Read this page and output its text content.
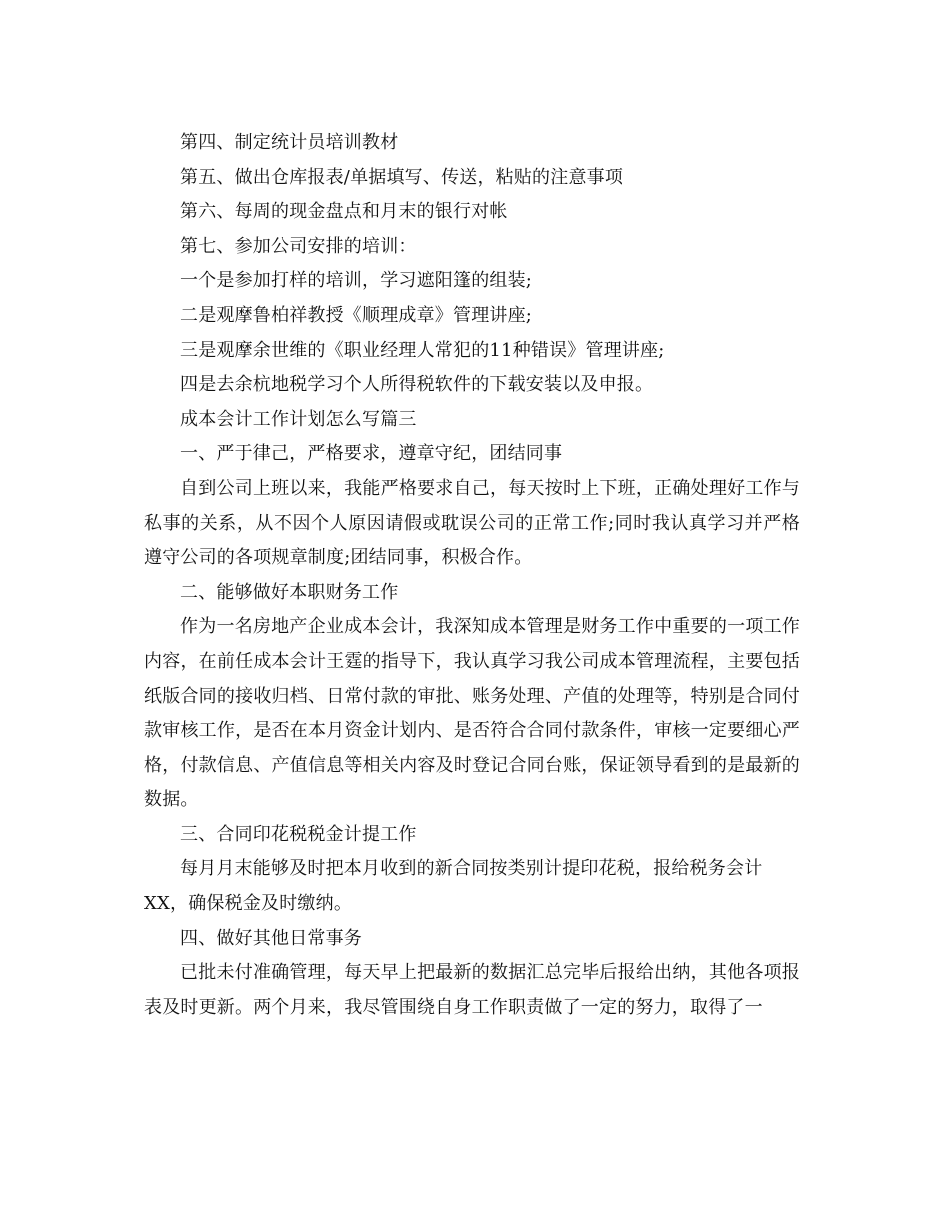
第四、制定统计员培训教材
第五、做出仓库报表/单据填写、传送，粘贴的注意事项
第六、每周的现金盘点和月末的银行对帐
第七、参加公司安排的培训：
一个是参加打样的培训，学习遮阳篷的组装;
二是观摩鲁柏祥教授《顺理成章》管理讲座;
三是观摩余世维的《职业经理人常犯的11种错误》管理讲座;
四是去余杭地税学习个人所得税软件的下载安装以及申报。
成本会计工作计划怎么写篇三
一、严于律己，严格要求，遵章守纪，团结同事
自到公司上班以来，我能严格要求自己，每天按时上下班，正确处理好工作与私事的关系，从不因个人原因请假或耽误公司的正常工作;同时我认真学习并严格遵守公司的各项规章制度;团结同事，积极合作。
二、能够做好本职财务工作
作为一名房地产企业成本会计，我深知成本管理是财务工作中重要的一项工作内容，在前任成本会计王霆的指导下，我认真学习我公司成本管理流程，主要包括纸版合同的接收归档、日常付款的审批、账务处理、产值的处理等，特别是合同付款审核工作，是否在本月资金计划内、是否符合合同付款条件，审核一定要细心严格，付款信息、产值信息等相关内容及时登记合同台账，保证领导看到的是最新的数据。
三、合同印花税税金计提工作
每月月末能够及时把本月收到的新合同按类别计提印花税，报给税务会计
XX，确保税金及时缴纳。
四、做好其他日常事务
已批未付准确管理，每天早上把最新的数据汇总完毕后报给出纳，其他各项报表及时更新。两个月来，我尽管围绕自身工作职责做了一定的努力，取得了一
